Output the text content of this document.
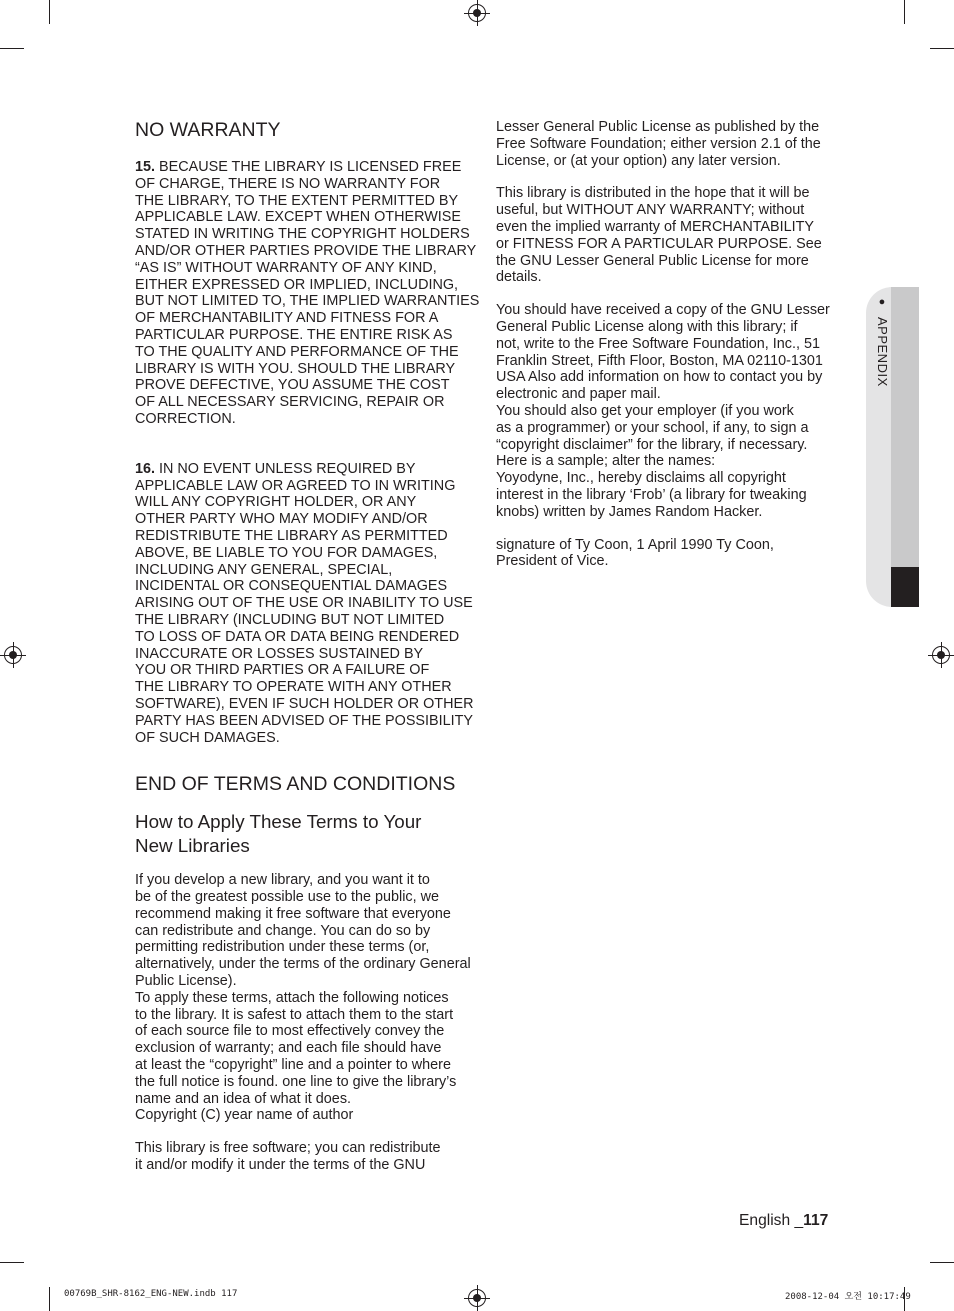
NO WARRANTY

15. BECAUSE THE LIBRARY IS LICENSED FREE
OF CHARGE, THERE IS NO WARRANTY FOR
THE LIBRARY, TO THE EXTENT PERMITTED BY
APPLICABLE LAW. EXCEPT WHEN OTHERWISE
STATED IN WRITING THE COPYRIGHT HOLDERS
AND/OR OTHER PARTIES PROVIDE THE LIBRARY
“AS IS” WITHOUT WARRANTY OF ANY KIND,
EITHER EXPRESSED OR IMPLIED, INCLUDING,
BUT NOT LIMITED TO, THE IMPLIED WARRANTIES
OF MERCHANTABILITY AND FITNESS FOR A
PARTICULAR PURPOSE. THE ENTIRE RISK AS
TO THE QUALITY AND PERFORMANCE OF THE
LIBRARY IS WITH YOU. SHOULD THE LIBRARY
PROVE DEFECTIVE, YOU ASSUME THE COST
OF ALL NECESSARY SERVICING, REPAIR OR
CORRECTION.

16. IN NO EVENT UNLESS REQUIRED BY
APPLICABLE LAW OR AGREED TO IN WRITING
WILL ANY COPYRIGHT HOLDER, OR ANY
OTHER PARTY WHO MAY MODIFY AND/OR
REDISTRIBUTE THE LIBRARY AS PERMITTED
ABOVE, BE LIABLE TO YOU FOR DAMAGES,
INCLUDING ANY GENERAL, SPECIAL,
INCIDENTAL OR CONSEQUENTIAL DAMAGES
ARISING OUT OF THE USE OR INABILITY TO USE
THE LIBRARY (INCLUDING BUT NOT LIMITED
TO LOSS OF DATA OR DATA BEING RENDERED
INACCURATE OR LOSSES SUSTAINED BY
YOU OR THIRD PARTIES OR A FAILURE OF
THE LIBRARY TO OPERATE WITH ANY OTHER
SOFTWARE), EVEN IF SUCH HOLDER OR OTHER
PARTY HAS BEEN ADVISED OF THE POSSIBILITY
OF SUCH DAMAGES.

END OF TERMS AND CONDITIONS
How to Apply These Terms to Your
New Libraries

If you develop a new library, and you want it to
be of the greatest possible use to the public, we
recommend making it free software that everyone
can redistribute and change. You can do so by
permitting redistribution under these terms (or,
alternatively, under the terms of the ordinary General
Public License).
To apply these terms, attach the following notices
to the library. It is safest to attach them to the start
of each source file to most effectively convey the
exclusion of warranty; and each file should have
at least the “copyright” line and a pointer to where
the full notice is found. one line to give the library’s
name and an idea of what it does.
Copyright (C) year name of author

This library is free software; you can redistribute
it and/or modify it under the terms of the GNU

Lesser General Public License as published by the
Free Software Foundation; either version 2.1 of the
License, or (at your option) any later version.

This library is distributed in the hope that it will be
useful, but WITHOUT ANY WARRANTY; without
even the implied warranty of MERCHANTABILITY
or FITNESS FOR A PARTICULAR PURPOSE. See
the GNU Lesser General Public License for more
details.

You should have received a copy of the GNU Lesser
General Public License along with this library; if
not, write to the Free Software Foundation, Inc., 51
Franklin Street, Fifth Floor, Boston, MA 02110-1301
USA Also add information on how to contact you by
electronic and paper mail.
You should also get your employer (if you work
as a programmer) or your school, if any, to sign a
“copyright disclaimer” for the library, if necessary.
Here is a sample; alter the names:
Yoyodyne, Inc., hereby disclaims all copyright
interest in the library ‘Frob’ (a library for tweaking
knobs) written by James Random Hacker.

signature of Ty Coon, 1 April 1990 Ty Coon,
President of Vice.

● APPENDIX
English _117
00769B_SHR-8162_ENG-NEW.indb 117	2008-12-04 오전 10:17:49
